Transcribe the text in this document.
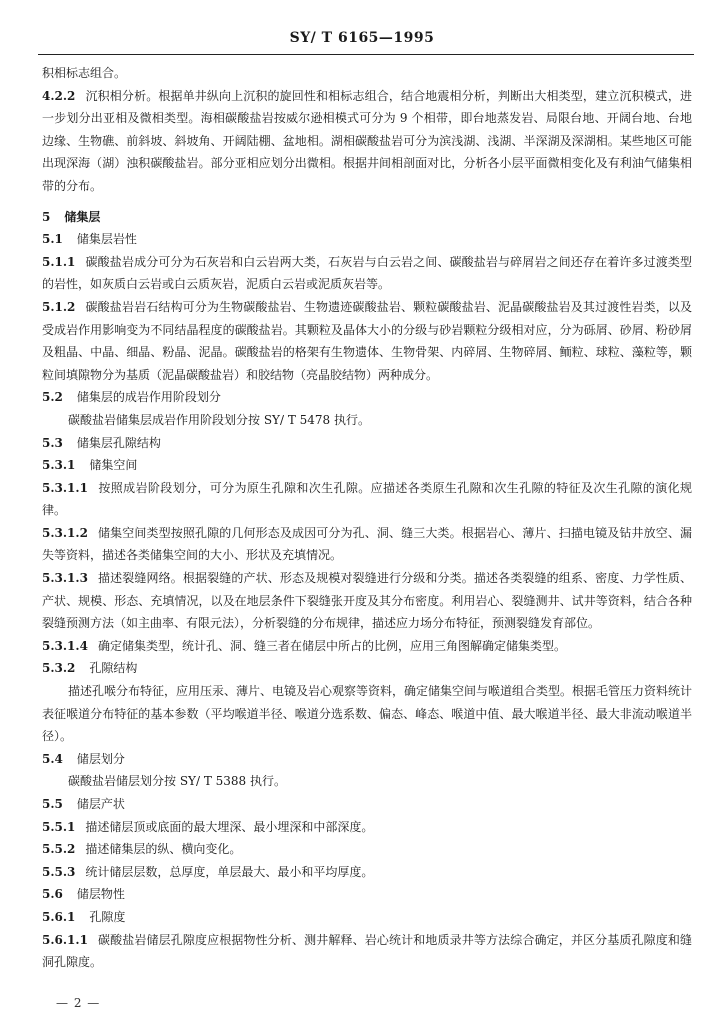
SY/ T 6165—1995

积相标志组合。

4.2.2 沉积相分析。根据单井纵向上沉积的旋回性和相标志组合，结合地震相分析，判断出大相类型，建立沉积模式，进一步划分出亚相及微相类型。海相碳酸盐岩按威尔逊相模式可分为 9 个相带，即台地蒸发岩、局限台地、开阔台地、台地边缘、生物礁、前斜坡、斜坡角、开阔陆棚、盆地相。湖相碳酸盐岩可分为滨浅湖、浅湖、半深湖及深湖相。某些地区可能出现深海（湖）浊积碳酸盐岩。部分亚相应划分出微相。根据井间相剖面对比，分析各小层平面微相变化及有利油气储集相带的分布。

5 储集层

5.1 储集层岩性

5.1.1 碳酸盐岩成分可分为石灰岩和白云岩两大类，石灰岩与白云岩之间、碳酸盐岩与碎屑岩之间还存在着许多过渡类型的岩性，如灰质白云岩或白云质灰岩，泥质白云岩或泥质灰岩等。

5.1.2 碳酸盐岩岩石结构可分为生物碳酸盐岩、生物遗迹碳酸盐岩、颗粒碳酸盐岩、泥晶碳酸盐岩及其过渡性岩类，以及受成岩作用影响变为不同结晶程度的碳酸盐岩。其颗粒及晶体大小的分级与砂岩颗粒分级相对应，分为砾屑、砂屑、粉砂屑及粗晶、中晶、细晶、粉晶、泥晶。碳酸盐岩的格架有生物遗体、生物骨架、内碎屑、生物碎屑、鲕粒、球粒、藻粒等，颗粒间填隙物分为基质（泥晶碳酸盐岩）和胶结物（亮晶胶结物）两种成分。

5.2 储集层的成岩作用阶段划分

碳酸盐岩储集层成岩作用阶段划分按 SY/ T 5478 执行。

5.3 储集层孔隙结构

5.3.1 储集空间

5.3.1.1 按照成岩阶段划分，可分为原生孔隙和次生孔隙。应描述各类原生孔隙和次生孔隙的特征及次生孔隙的演化规律。

5.3.1.2 储集空间类型按照孔隙的几何形态及成因可分为孔、洞、缝三大类。根据岩心、薄片、扫描电镜及钻井放空、漏失等资料，描述各类储集空间的大小、形状及充填情况。

5.3.1.3 描述裂缝网络。根据裂缝的产状、形态及规模对裂缝进行分级和分类。描述各类裂缝的组系、密度、力学性质、产状、规模、形态、充填情况，以及在地层条件下裂缝张开度及其分布密度。利用岩心、裂缝测井、试井等资料，结合各种裂缝预测方法（如主曲率、有限元法），分析裂缝的分布规律，描述应力场分布特征，预测裂缝发育部位。

5.3.1.4 确定储集类型，统计孔、洞、缝三者在储层中所占的比例，应用三角图解确定储集类型。

5.3.2 孔隙结构

描述孔喉分布特征，应用压汞、薄片、电镜及岩心观察等资料，确定储集空间与喉道组合类型。根据毛管压力资料统计表征喉道分布特征的基本参数（平均喉道半径、喉道分选系数、偏态、峰态、喉道中值、最大喉道半径、最大非流动喉道半径）。

5.4 储层划分

碳酸盐岩储层划分按 SY/ T 5388 执行。

5.5 储层产状

5.5.1 描述储层顶或底面的最大埋深、最小埋深和中部深度。

5.5.2 描述储集层的纵、横向变化。

5.5.3 统计储层层数，总厚度，单层最大、最小和平均厚度。

5.6 储层物性

5.6.1 孔隙度

5.6.1.1 碳酸盐岩储层孔隙度应根据物性分析、测井解释、岩心统计和地质录井等方法综合确定，并区分基质孔隙度和缝洞孔隙度。

— 2 —
